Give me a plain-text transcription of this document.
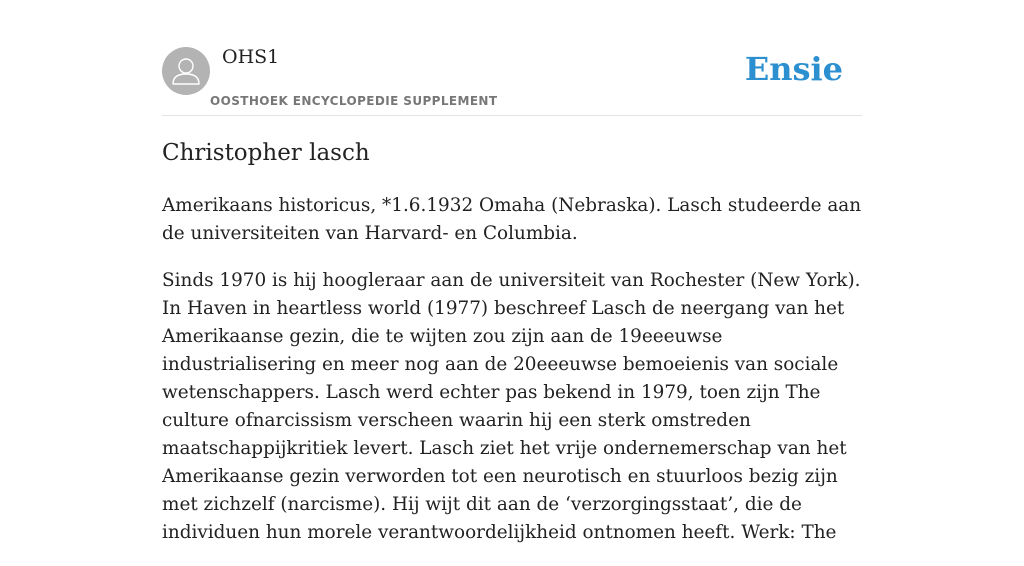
OHS1
OOSTHOEK ENCYCLOPEDIE SUPPLEMENT
Ensie
Christopher lasch

Amerikaans historicus, *1.6.1932 Omaha (Nebraska). Lasch studeerde aan de universiteiten van Harvard- en Columbia.

Sinds 1970 is hij hoogleraar aan de universiteit van Rochester (New York). In Haven in heartless world (1977) beschreef Lasch de neergang van het Amerikaanse gezin, die te wijten zou zijn aan de 19eeeuwse industrialisering en meer nog aan de 20eeeuwse bemoeienis van sociale wetenschappers. Lasch werd echter pas bekend in 1979, toen zijn The culture ofnarcissism verscheen waarin hij een sterk omstreden maatschappijkritiek levert. Lasch ziet het vrije ondernemerschap van het Amerikaanse gezin verworden tot een neurotisch en stuurloos bezig zijn met zichzelf (narcisme). Hij wijt dit aan de ‘verzorgingsstaat’, die de individuen hun morele verantwoordelijkheid ontnomen heeft. Werk: The
